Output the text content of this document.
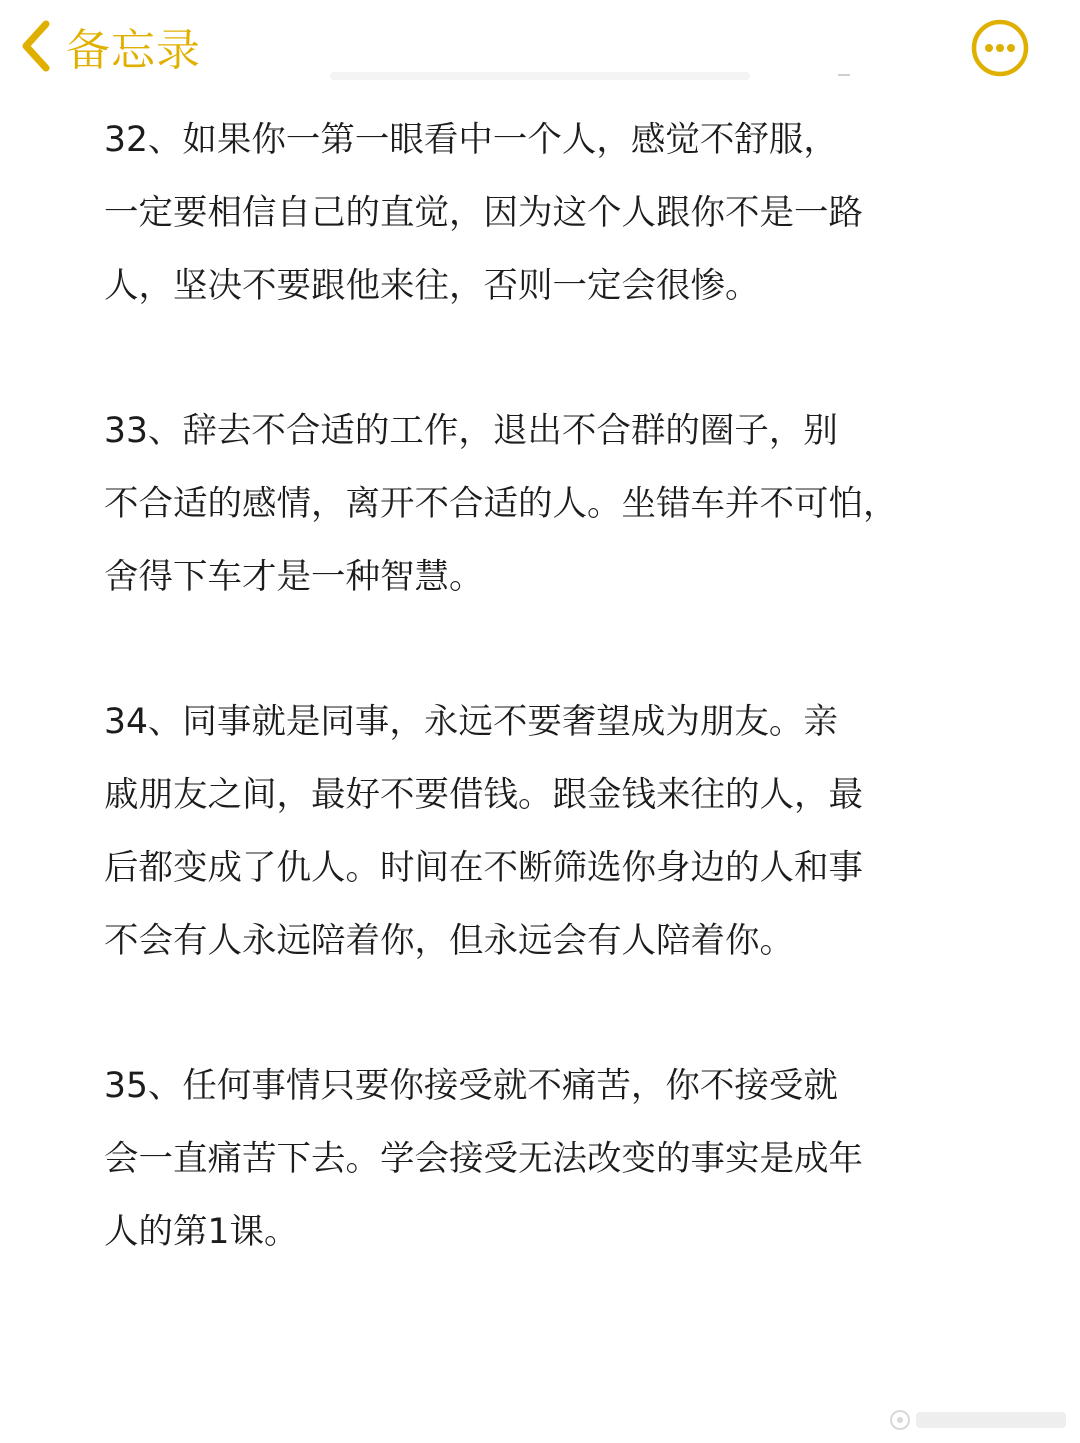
备忘录
32、如果你一第一眼看中一个人，感觉不舒服，
一定要相信自己的直觉，因为这个人跟你不是一路
人，坚决不要跟他来往，否则一定会很惨。
33、辞去不合适的工作，退出不合群的圈子，别
不合适的感情，离开不合适的人。坐错车并不可怕，
舍得下车才是一种智慧。
34、同事就是同事，永远不要奢望成为朋友。亲
戚朋友之间，最好不要借钱。跟金钱来往的人，最
后都变成了仇人。时间在不断筛选你身边的人和事
不会有人永远陪着你，但永远会有人陪着你。
35、任何事情只要你接受就不痛苦，你不接受就
会一直痛苦下去。学会接受无法改变的事实是成年
人的第1课。
